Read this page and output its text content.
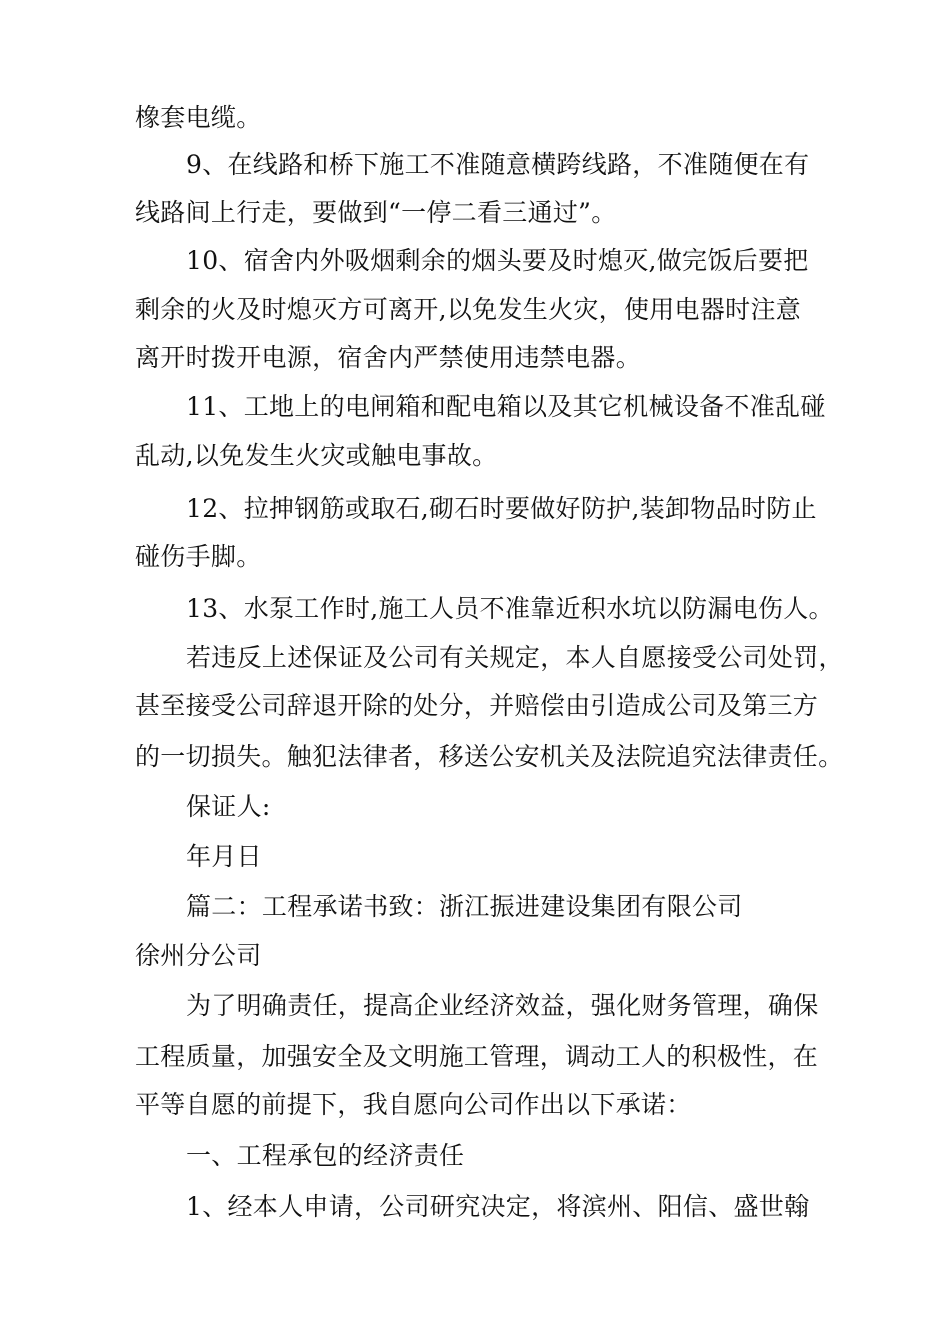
橡套电缆。
9、在线路和桥下施工不准随意横跨线路，不准随便在有
线路间上行走，要做到“一停二看三通过”。
10、宿舍内外吸烟剩余的烟头要及时熄灭,做完饭后要把
剩余的火及时熄灭方可离开,以免发生火灾，使用电器时注意
离开时拨开电源，宿舍内严禁使用违禁电器。
11、工地上的电闸箱和配电箱以及其它机械设备不准乱碰
乱动,以免发生火灾或触电事故。
12、拉抻钢筋或取石,砌石时要做好防护,装卸物品时防止
碰伤手脚。
13、水泵工作时,施工人员不准靠近积水坑以防漏电伤人。
若违反上述保证及公司有关规定，本人自愿接受公司处罚，
甚至接受公司辞退开除的处分，并赔偿由引造成公司及第三方
的一切损失。触犯法律者，移送公安机关及法院追究法律责任。
保证人:
年月日
篇二：工程承诺书致：浙江振进建设集团有限公司
徐州分公司
为了明确责任，提高企业经济效益，强化财务管理，确保
工程质量，加强安全及文明施工管理，调动工人的积极性，在
平等自愿的前提下，我自愿向公司作出以下承诺：
一、工程承包的经济责任
1、经本人申请，公司研究决定，将滨州、阳信、盛世翰
